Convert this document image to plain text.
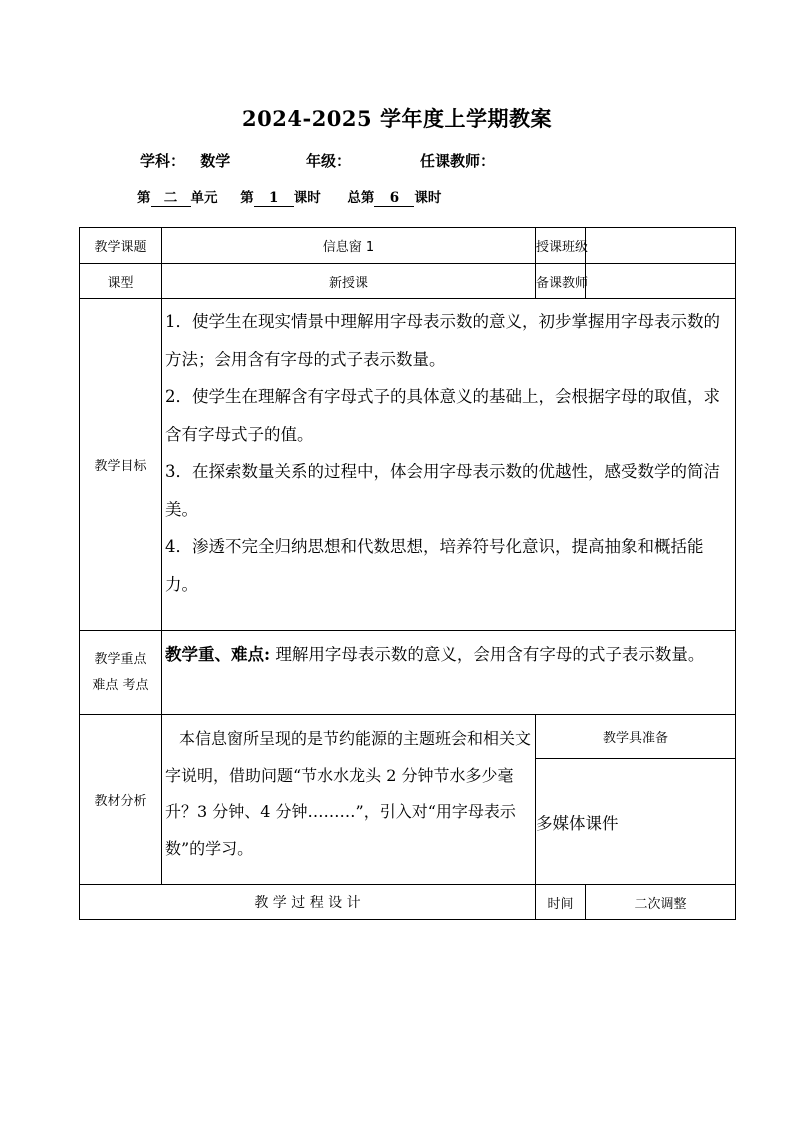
2024-2025 学年度上学期教案
学科： 数学	年级：	任课教师：
第 二 单元 第 1 课时 总第 6 课时
教学课题	信息窗 1	授课班级	
课型	新授课	备课教师	
教学目标	1．使学生在现实情景中理解用字母表示数的意义，初步掌握用字母表示数的方法；会用含有字母的式子表示数量。
2．使学生在理解含有字母式子的具体意义的基础上，会根据字母的取值，求含有字母式子的值。
3．在探索数量关系的过程中，体会用字母表示数的优越性，感受数学的简洁美。
4．渗透不完全归纳思想和代数思想，培养符号化意识，提高抽象和概括能力。		

教学重点
难点 考点	教学重、难点: 理解用字母表示数的意义，会用含有字母的式子表示数量。		
教材分析	本信息窗所呈现的是节约能源的主题班会和相关文字说明，借助问题“节水水龙头 2 分钟节水多少毫升？3 分钟、4 分钟………”，引入对“用字母表示数”的学习。	教学具准备	
		多媒体课件	
教 学 过 程 设 计		时间	二次调整
